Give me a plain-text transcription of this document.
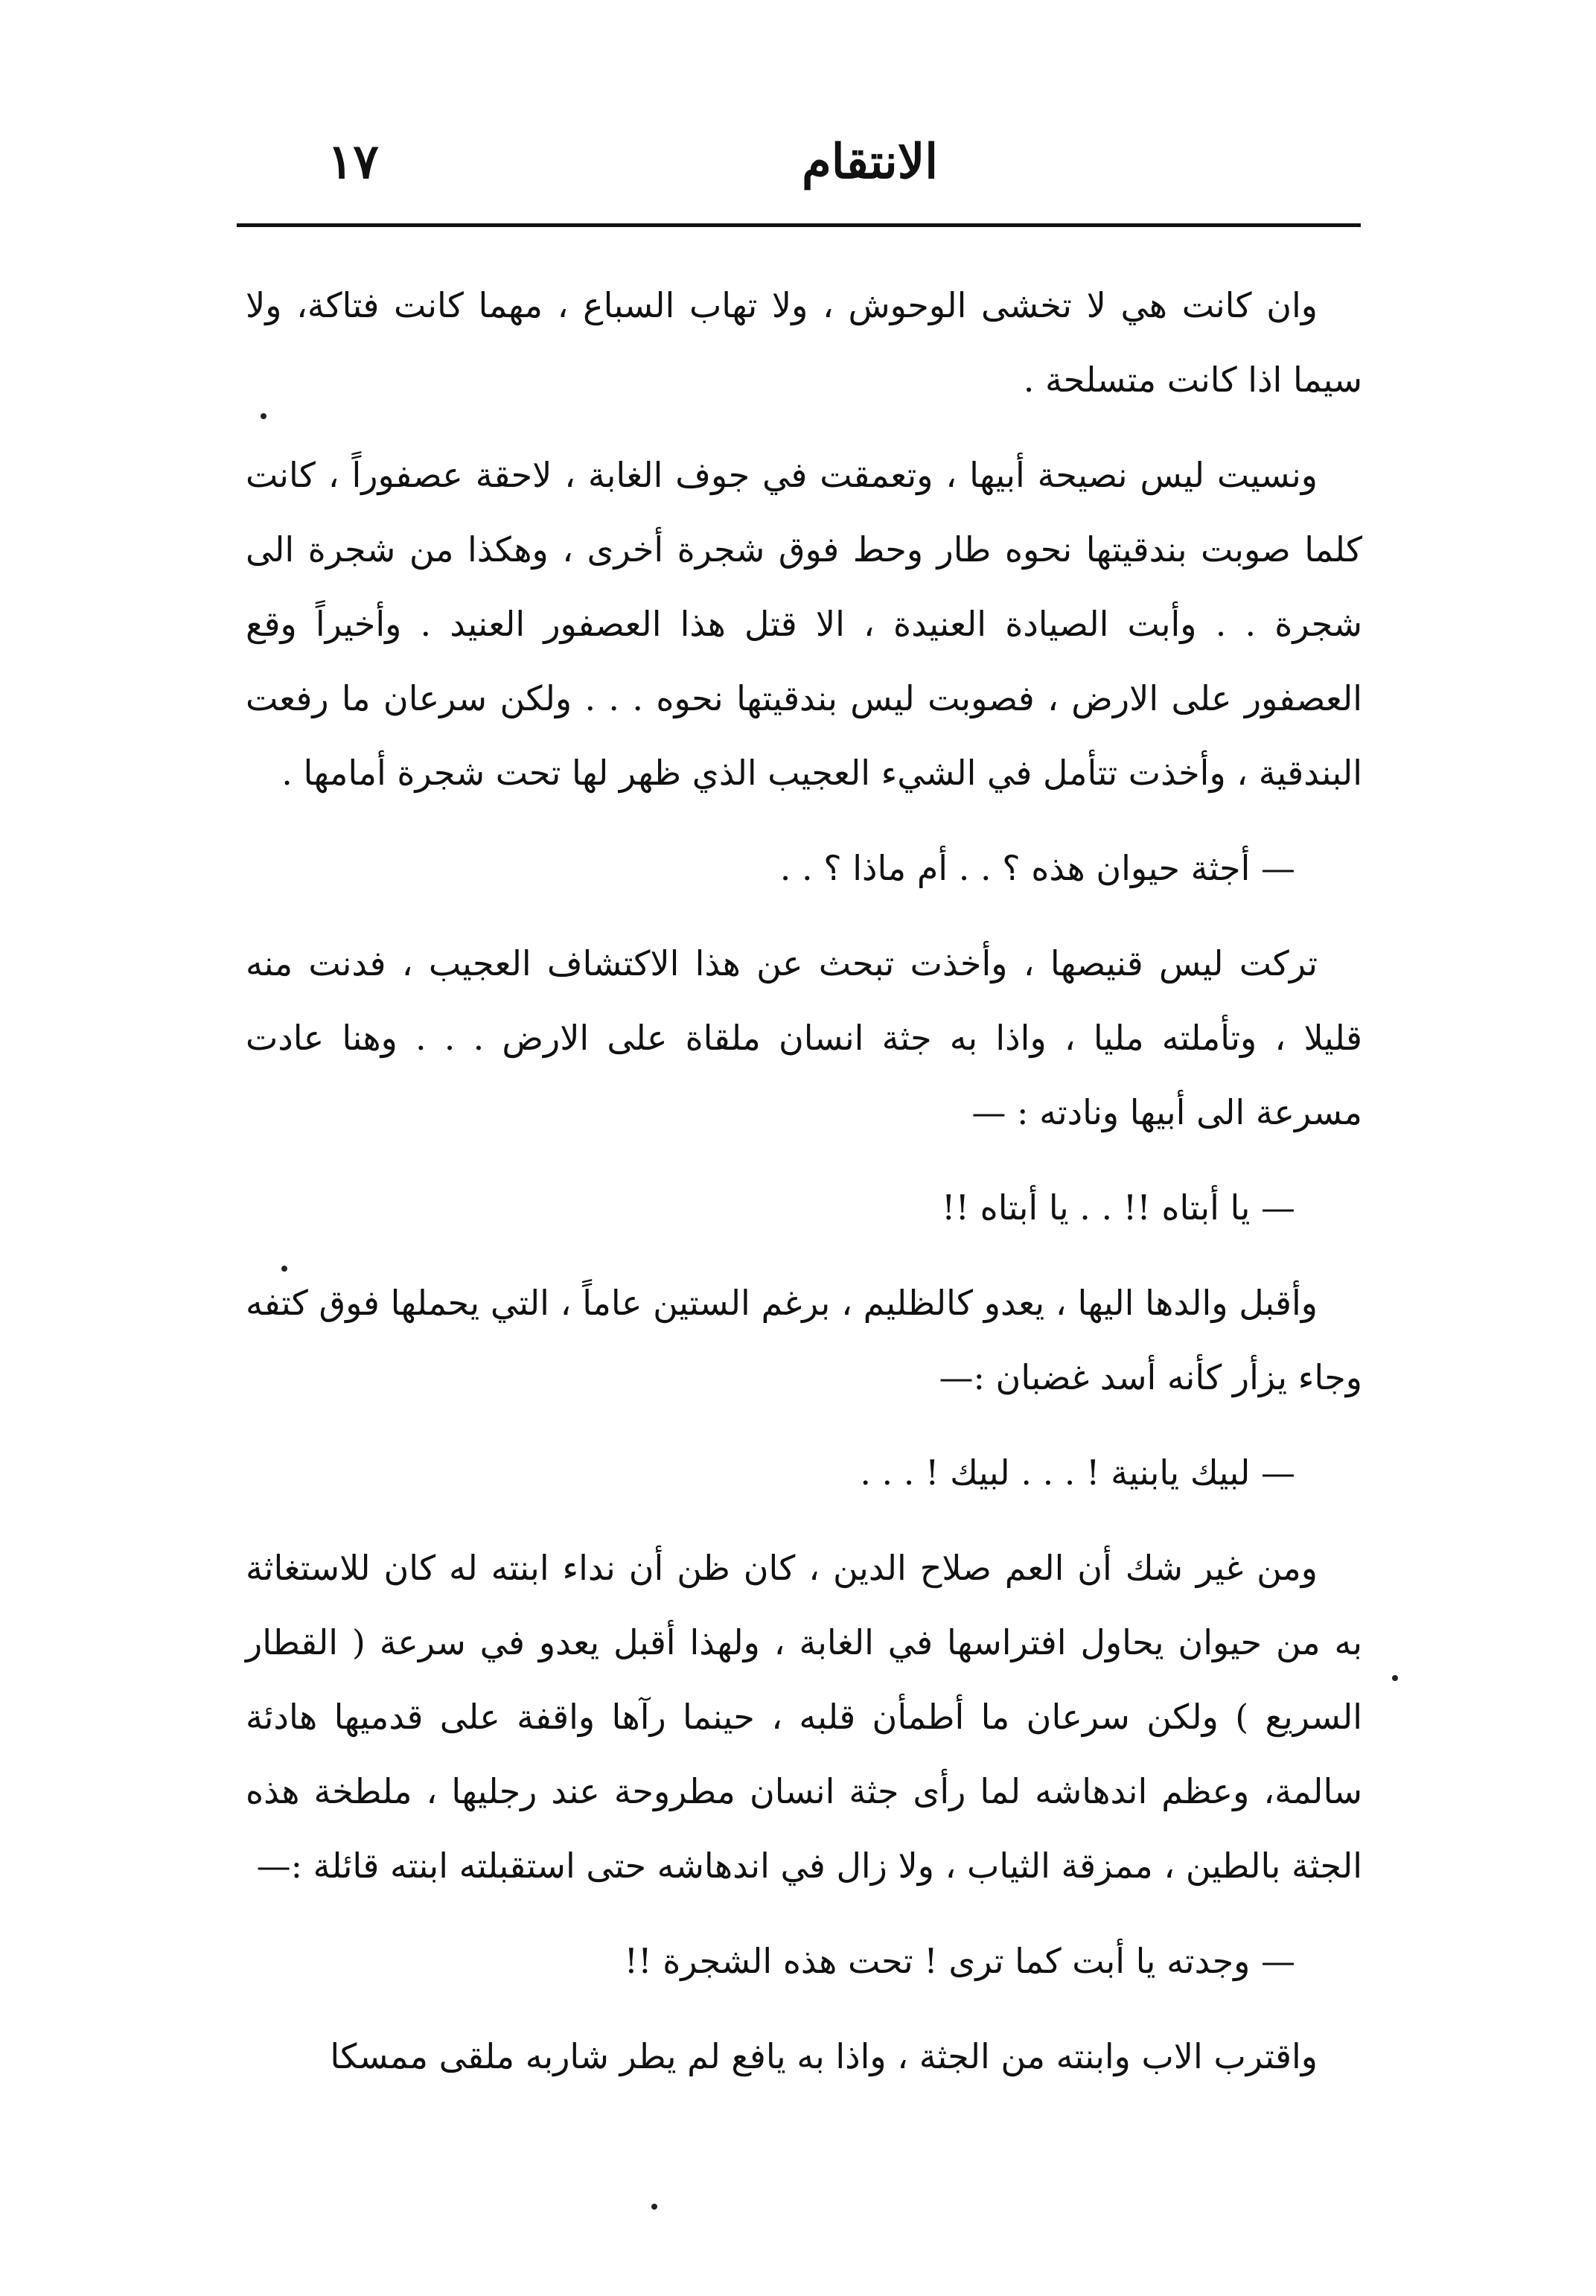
الانتقام
١٧

وان كانت هي لا تخشى الوحوش ، ولا تهاب السباع ، مهما كانت فتاكة، ولا سيما اذا كانت متسلحة .

ونسيت ليس نصيحة أبيها ، وتعمقت في جوف الغابة ، لاحقة عصفوراً ، كانت كلما صوبت بندقيتها نحوه طار وحط فوق شجرة أخرى ، وهكذا من شجرة الى شجرة . . وأبت الصيادة العنيدة ، الا قتل هذا العصفور العنيد . وأخيراً وقع العصفور على الارض ، فصوبت ليس بندقيتها نحوه . . . ولكن سرعان ما رفعت البندقية ، وأخذت تتأمل في الشيء العجيب الذي ظهر لها تحت شجرة أمامها .

— أجثة حيوان هذه ؟ . . أم ماذا ؟ . .

تركت ليس قنيصها ، وأخذت تبحث عن هذا الاكتشاف العجيب ، فدنت منه قليلا ، وتأملته مليا ، واذا به جثة انسان ملقاة على الارض . . . وهنا عادت مسرعة الى أبيها ونادته : —

— يا أبتاه !! . . يا أبتاه !!

وأقبل والدها اليها ، يعدو كالظليم ، برغم الستين عاماً ، التي يحملها فوق كتفه وجاء يزأر كأنه أسد غضبان :—

— لبيك يابنية ! . . . لبيك ! . . .

ومن غير شك أن العم صلاح الدين ، كان ظن أن نداء ابنته له كان للاستغاثة به من حيوان يحاول افتراسها في الغابة ، ولهذا أقبل يعدو في سرعة ( القطار السريع ) ولكن سرعان ما أطمأن قلبه ، حينما رآها واقفة على قدميها هادئة سالمة، وعظم اندهاشه لما رأى جثة انسان مطروحة عند رجليها ، ملطخة هذه الجثة بالطين ، ممزقة الثياب ، ولا زال في اندهاشه حتى استقبلته ابنته قائلة :—

— وجدته يا أبت كما ترى ! تحت هذه الشجرة !!

واقترب الاب وابنته من الجثة ، واذا به يافع لم يطر شاربه ملقى ممسكا
